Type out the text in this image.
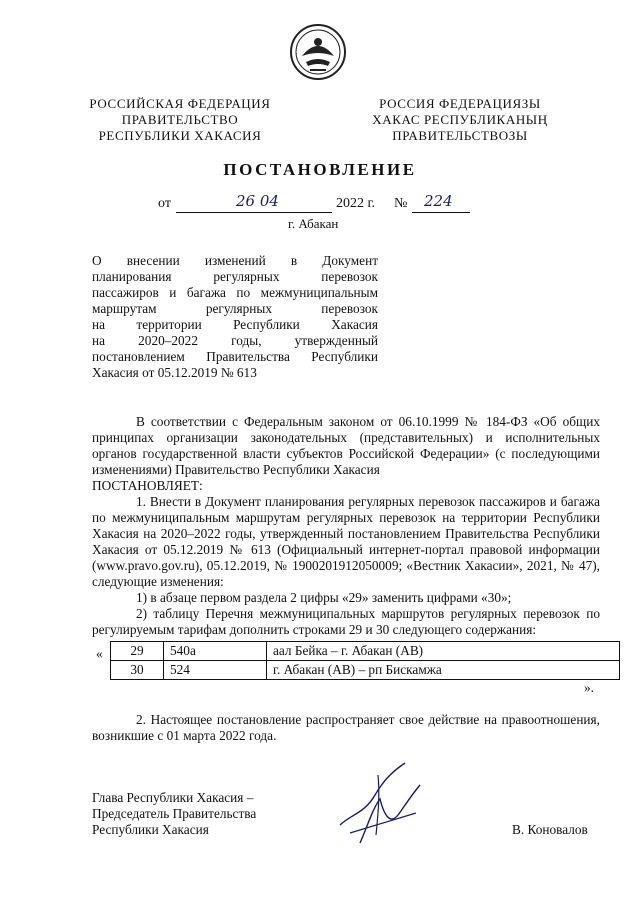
РОССИЙСКАЯ ФЕДЕРАЦИЯ
ПРАВИТЕЛЬСТВО
РЕСПУБЛИКИ ХАКАСИЯ
РОССИЯ ФЕДЕРАЦИЯЗЫ
ХАКАС РЕСПУБЛИКАНЫҢ
ПРАВИТЕЛЬСТВОЗЫ
ПОСТАНОВЛЕНИЕ
от	26 04	2022 г. № 224
г. Абакан
О внесении изменений в Документ
планирования регулярных перевозок
пассажиров и багажа по межмуниципальным
маршрутам регулярных перевозок
на территории Республики Хакасия
на 2020–2022 годы, утвержденный
постановлением Правительства Республики
Хакасия от 05.12.2019 № 613
В соответствии с Федеральным законом от 06.10.1999 № 184-ФЗ «Об общих принципах организации законодательных (представительных) и исполнительных органов государственной власти субъектов Российской Федерации» (с последующими изменениями) Правительство Республики Хакасия
ПОСТАНОВЛЯЕТ:
1. Внести в Документ планирования регулярных перевозок пассажиров и багажа по межмуниципальным маршрутам регулярных перевозок на территории Республики Хакасия на 2020–2022 годы, утвержденный постановлением Правительства Республики Хакасия от 05.12.2019 № 613 (Официальный интернет-портал правовой информации (www.pravo.gov.ru), 05.12.2019, № 1900201912050009; «Вестник Хакасии», 2021, № 47), следующие изменения:
1) в абзаце первом раздела 2 цифры «29» заменить цифрами «30»;
2) таблицу Перечня межмуниципальных маршрутов регулярных перевозок по регулируемым тарифам дополнить строками 29 и 30 следующего содержания:
« 29	540а	аал Бейка – г. Абакан (АВ)
30	524	г. Абакан (АВ) – рп Бискамжа
».
2. Настоящее постановление распространяет свое действие на правоотношения, возникшие с 01 марта 2022 года.
Глава Республики Хакасия –
Председатель Правительства
Республики Хакасия	В. Коновалов
